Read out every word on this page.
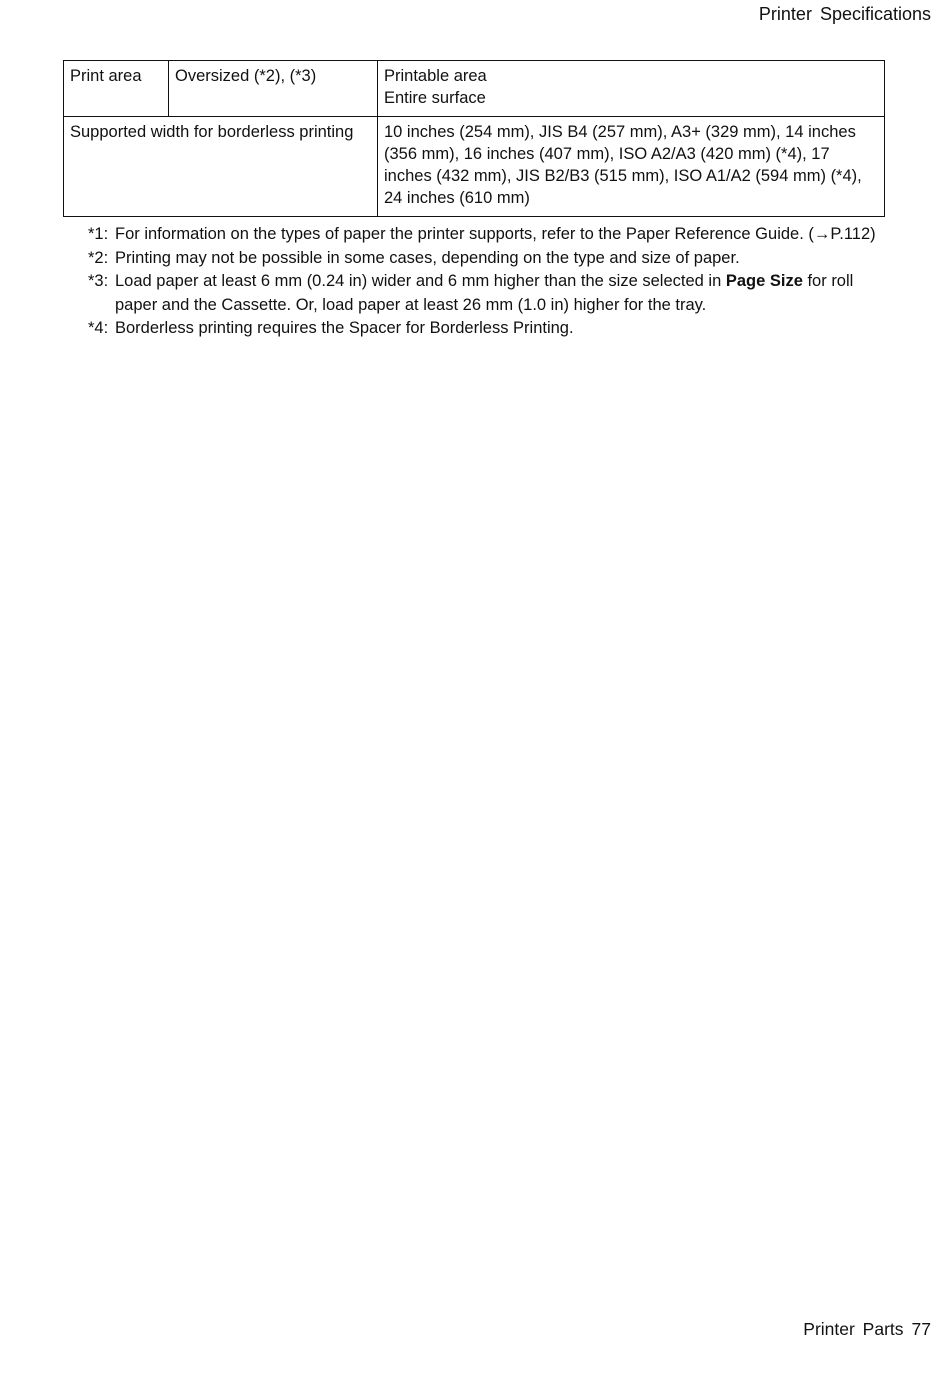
Printer Specifications
Print area	Oversized (*2), (*3)	Printable area
Entire surface

Supported width for borderless printing		10 inches (254 mm), JIS B4 (257 mm), A3+ (329 mm), 14 inches (356 mm), 16 inches (407 mm), ISO A2/A3 (420 mm) (*4), 17 inches (432 mm), JIS B2/B3 (515 mm), ISO A1/A2 (594 mm) (*4), 24 inches (610 mm)
*1: For information on the types of paper the printer supports, refer to the Paper Reference Guide. (→P.112)
*2: Printing may not be possible in some cases, depending on the type and size of paper.
*3: Load paper at least 6 mm (0.24 in) wider and 6 mm higher than the size selected in Page Size for roll paper and the Cassette. Or, load paper at least 26 mm (1.0 in) higher for the tray.
*4: Borderless printing requires the Spacer for Borderless Printing.
Printer Parts 77
